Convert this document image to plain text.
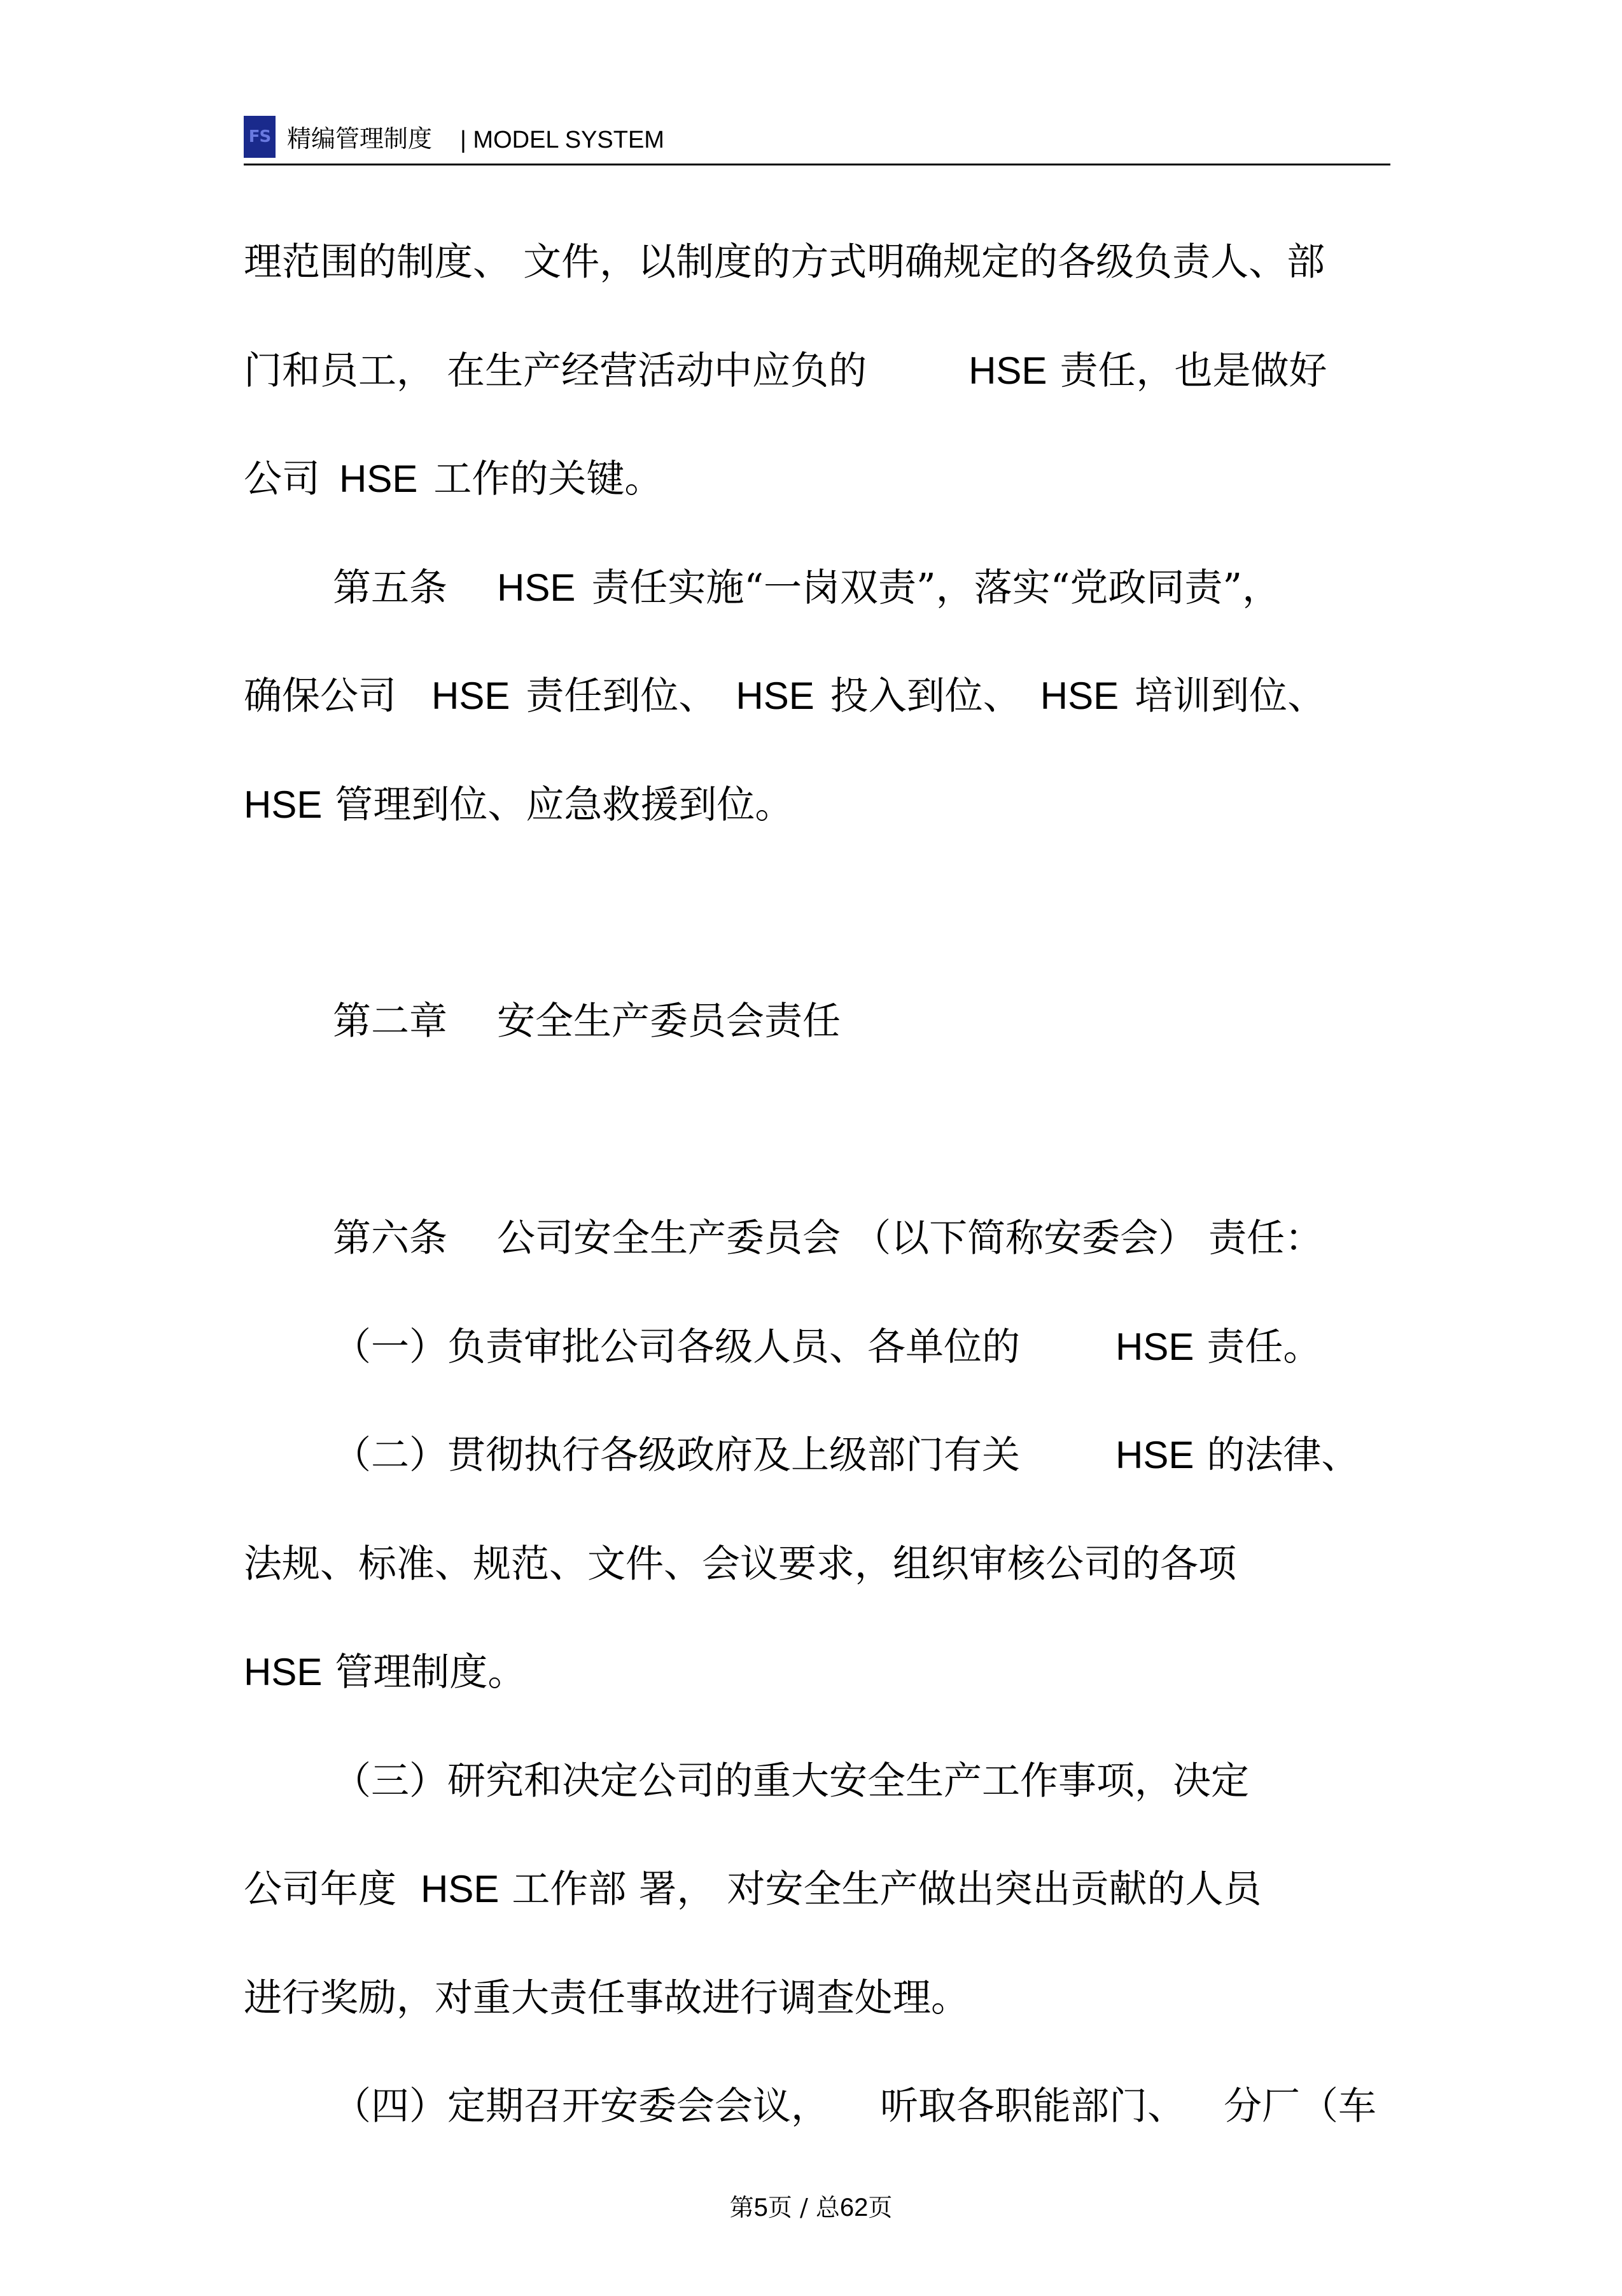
FS 精编管理制度 | MODEL SYSTEM
理范围的制度、 文件，以制度的方式明确规定的各级负责人、部
门和员工， 在生产经营活动中应负的	HSE 责任，也是做好
公司 HSE 工作的关键。
第五条 HSE 责任实施“一岗双责”，落实“党政同责”，
确保公司 HSE 责任到位、 HSE 投入到位、 HSE 培训到位、
HSE 管理到位、应急救援到位。
第二章 安全生产委员会责任
第六条 公司安全生产委员会 （以下简称安委会） 责任：
（一）负责审批公司各级人员、各单位的	HSE 责任。
（二）贯彻执行各级政府及上级部门有关	HSE 的法律、
法规、标准、规范、文件、会议要求，组织审核公司的各项
HSE 管理制度。
（三）研究和决定公司的重大安全生产工作事项，决定
公司年度 HSE 工作部 署， 对安全生产做出突出贡献的人员
进行奖励，对重大责任事故进行调查处理。
（四）定期召开安委会会议， 听取各职能部门、 分厂（车
第5页 / 总62页
